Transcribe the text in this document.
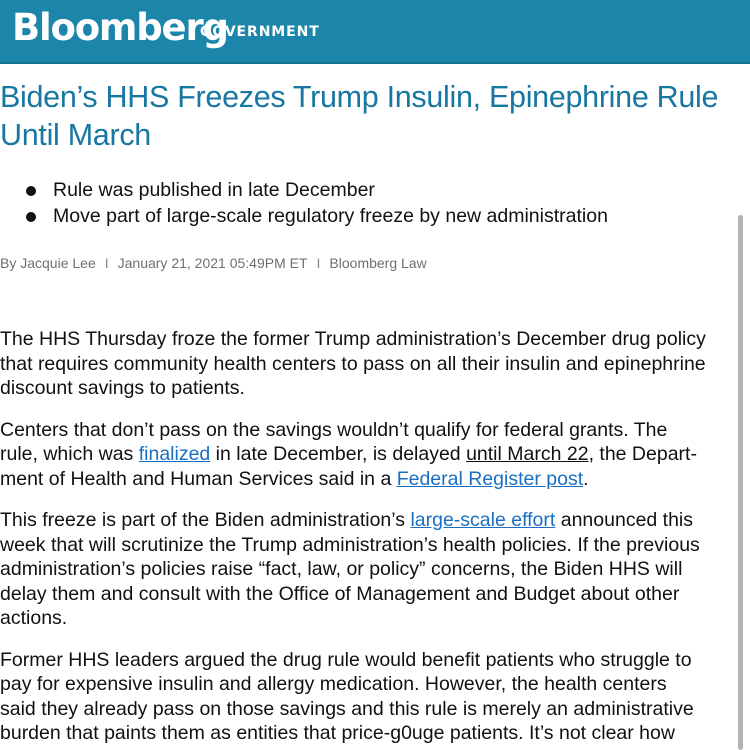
Bloomberg
GOVERNMENT
Biden’s HHS Freezes Trump Insulin, Epinephrine Rule
Until March
Rule was published in late December
Move part of large-scale regulatory freeze by new administration
By Jacquie Lee I January 21, 2021 05:49PM ET I Bloomberg Law

The HHS Thursday froze the former Trump administration’s December drug policy
that requires community health centers to pass on all their insulin and epinephrine
discount savings to patients.

Centers that don’t pass on the savings wouldn’t qualify for federal grants. The
rule, which was finalized in late December, is delayed until March 22, the Depart-
ment of Health and Human Services said in a Federal Register post.

This freeze is part of the Biden administration’s large-scale effort announced this
week that will scrutinize the Trump administration’s health policies. If the previous
administration’s policies raise “fact, law, or policy” concerns, the Biden HHS will
delay them and consult with the Office of Management and Budget about other
actions.

Former HHS leaders argued the drug rule would benefit patients who struggle to
pay for expensive insulin and allergy medication. However, the health centers
said they already pass on those savings and this rule is merely an administrative
burden that paints them as entities that price-g0uge patients. It’s not clear how
